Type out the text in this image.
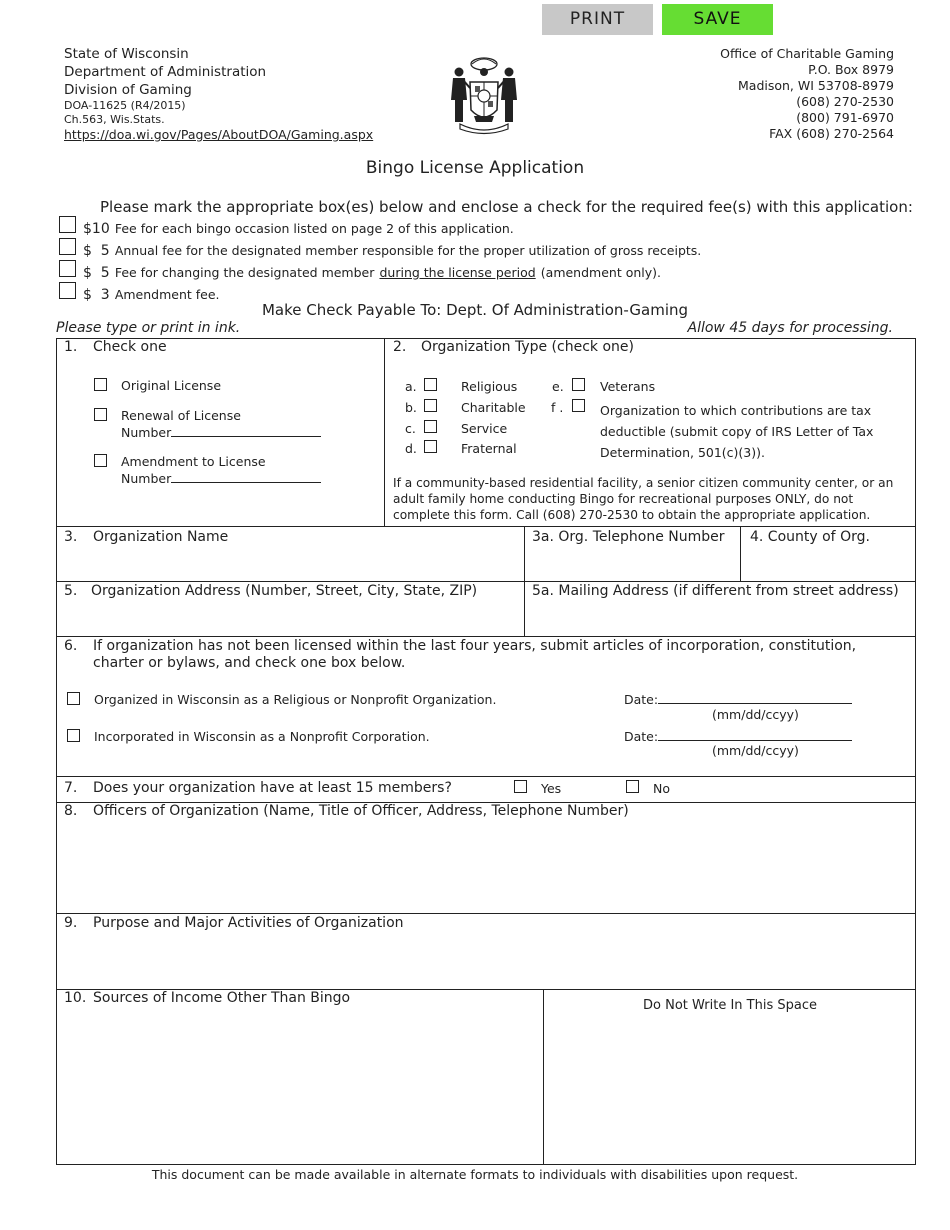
PRINT	SAVE
State of Wisconsin
Department of Administration
Division of Gaming
DOA-11625 (R4/2015)
Ch.563, Wis.Stats.
https://doa.wi.gov/Pages/AboutDOA/Gaming.aspx
Office of Charitable Gaming
P.O. Box 8979
Madison, WI 53708-8979
(608) 270-2530
(800) 791-6970
FAX (608) 270-2564
Bingo License Application
Please mark the appropriate box(es) below and enclose a check for the required fee(s) with this application:
$10 Fee for each bingo occasion listed on page 2 of this application.
$  5 Annual fee for the designated member responsible for the proper utilization of gross receipts.
$  5 Fee for changing the designated member during the license period (amendment only).
$  3 Amendment fee.
Make Check Payable To: Dept. Of Administration-Gaming
Please type or print in ink.	Allow 45 days for processing.
1. Check one
Original License
Renewal of License
Number
Amendment to License
Number
2. Organization Type (check one)
a.	Religious
b.	Charitable
c.	Service
d.	Fraternal
e.	Veterans
f .	Organization to which contributions are tax
deductible (submit copy of IRS Letter of Tax
Determination, 501(c)(3)).
If a community-based residential facility, a senior citizen community center, or an
adult family home conducting Bingo for recreational purposes ONLY, do not
complete this form. Call (608) 270-2530 to obtain the appropriate application.
3. Organization Name	3a. Org. Telephone Number 4. County of Org.
5. Organization Address (Number, Street, City, State, ZIP)	5a. Mailing Address (if different from street address)
6. If organization has not been licensed within the last four years, submit articles of incorporation, constitution,
charter or bylaws, and check one box below.
Organized in Wisconsin as a Religious or Nonprofit Organization.	Date:
(mm/dd/ccyy)
Incorporated in Wisconsin as a Nonprofit Corporation.	Date:
(mm/dd/ccyy)
7. Does your organization have at least 15 members?	Yes	No
8. Officers of Organization (Name, Title of Officer, Address, Telephone Number)
9. Purpose and Major Activities of Organization
10. Sources of Income Other Than Bingo	Do Not Write In This Space
This document can be made available in alternate formats to individuals with disabilities upon request.
